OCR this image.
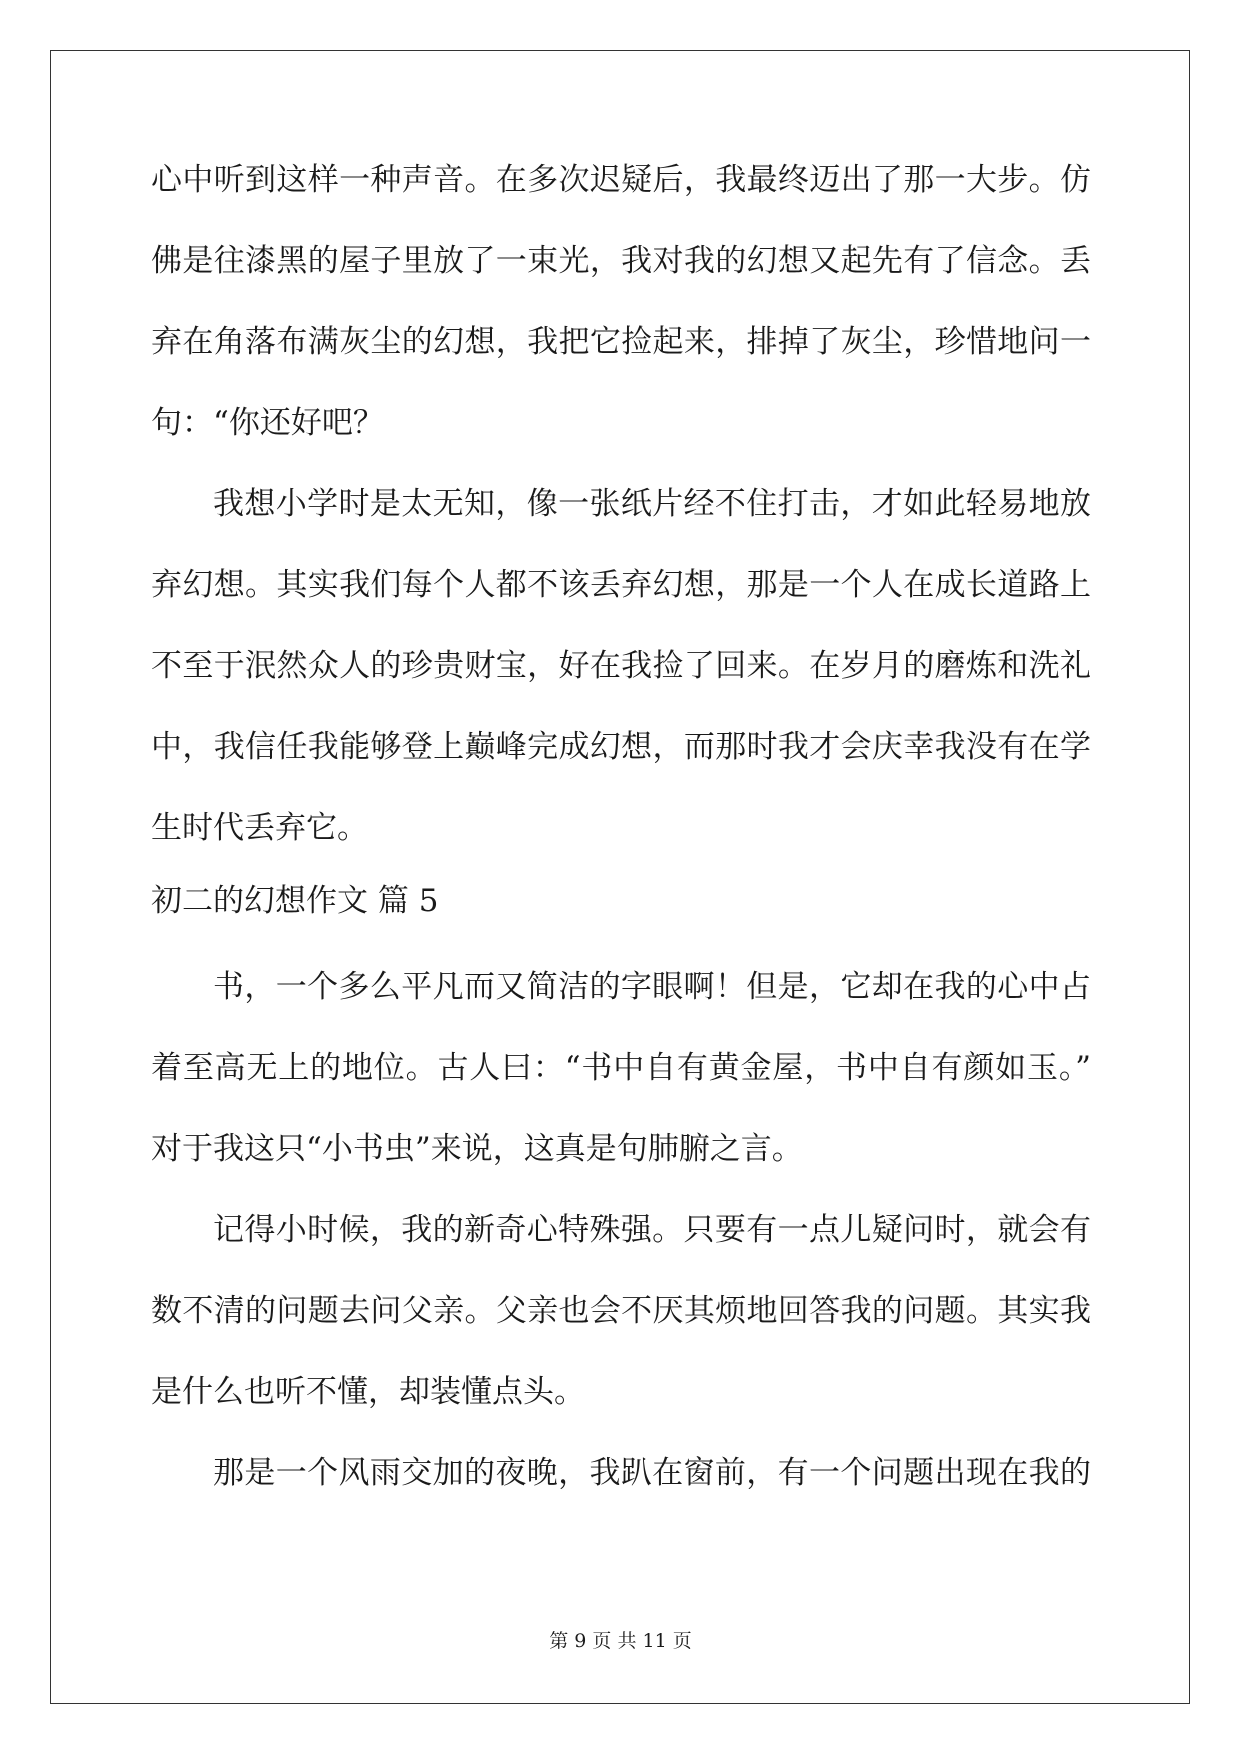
心中听到这样一种声音。在多次迟疑后，我最终迈出了那一大步。仿
佛是往漆黑的屋子里放了一束光，我对我的幻想又起先有了信念。丢
弃在角落布满灰尘的幻想，我把它捡起来，排掉了灰尘，珍惜地问一
句：“你还好吧？
我想小学时是太无知，像一张纸片经不住打击，才如此轻易地放
弃幻想。其实我们每个人都不该丢弃幻想，那是一个人在成长道路上
不至于泯然众人的珍贵财宝，好在我捡了回来。在岁月的磨炼和洗礼
中，我信任我能够登上巅峰完成幻想，而那时我才会庆幸我没有在学
生时代丢弃它。
初二的幻想作文 篇 5
书，一个多么平凡而又简洁的字眼啊！但是，它却在我的心中占
着至高无上的地位。古人曰：“书中自有黄金屋，书中自有颜如玉。”
对于我这只“小书虫”来说，这真是句肺腑之言。
记得小时候，我的新奇心特殊强。只要有一点儿疑问时，就会有
数不清的问题去问父亲。父亲也会不厌其烦地回答我的问题。其实我
是什么也听不懂，却装懂点头。
那是一个风雨交加的夜晚，我趴在窗前，有一个问题出现在我的
第 9 页 共 11 页
